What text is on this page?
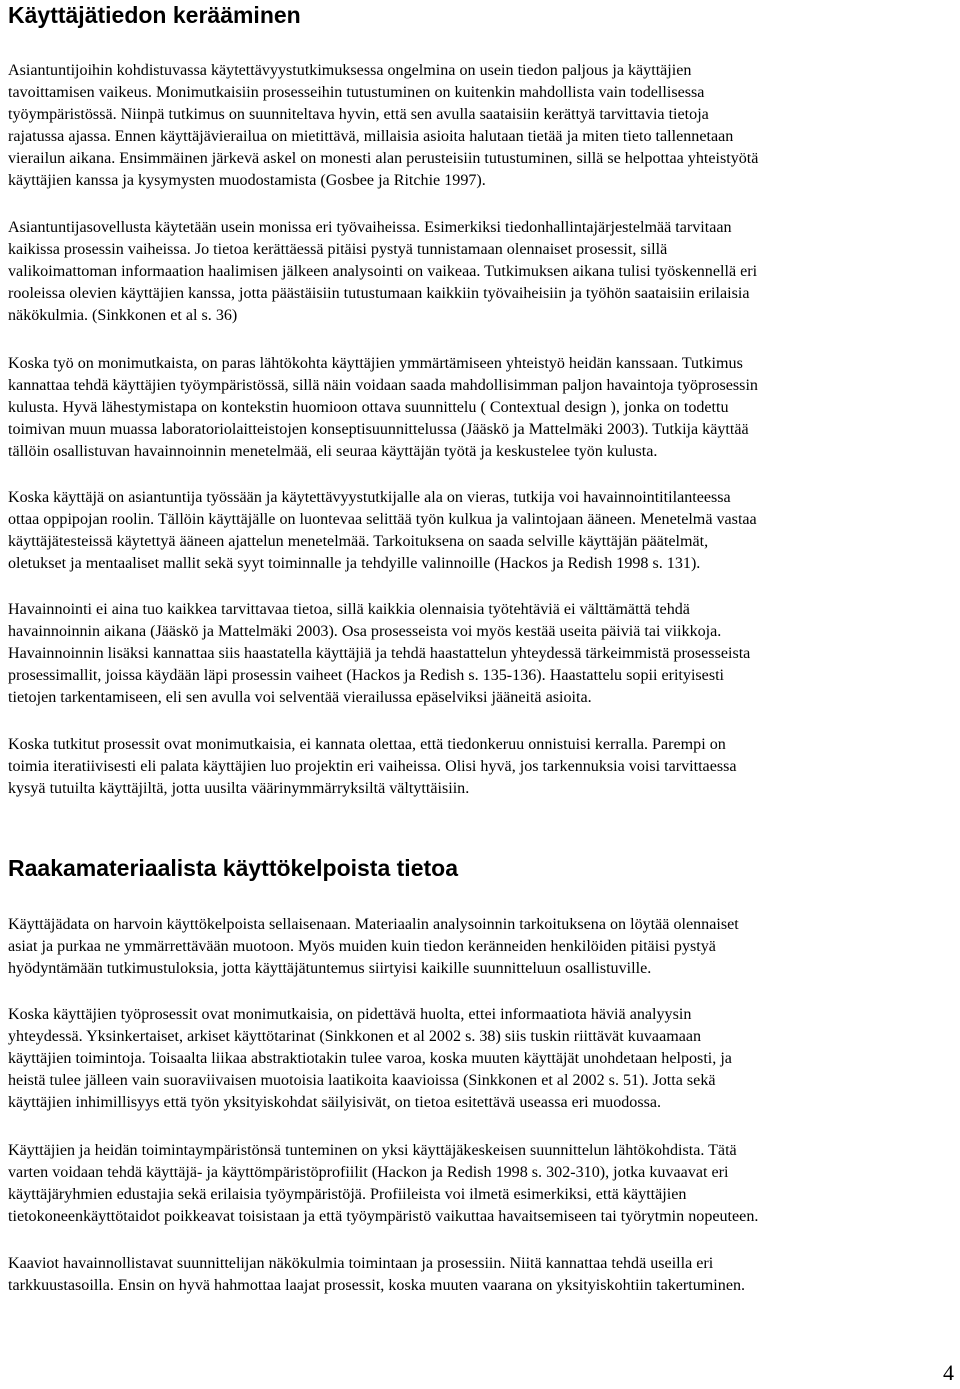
Käyttäjätiedon kerääminen
Asiantuntijoihin kohdistuvassa käytettävyystutkimuksessa ongelmina on usein tiedon paljous ja käyttäjien
tavoittamisen vaikeus. Monimutkaisiin prosesseihin tutustuminen on kuitenkin mahdollista vain todellisessa
työympäristössä. Niinpä tutkimus on suunniteltava hyvin, että sen avulla saataisiin kerättyä tarvittavia tietoja
rajatussa ajassa. Ennen käyttäjävierailua on mietittävä, millaisia asioita halutaan tietää ja miten tieto tallennetaan
vierailun aikana. Ensimmäinen järkevä askel on monesti alan perusteisiin tutustuminen, sillä se helpottaa yhteistyötä
käyttäjien kanssa ja kysymysten muodostamista (Gosbee ja Ritchie 1997).
Asiantuntijasovellusta käytetään usein monissa eri työvaiheissa. Esimerkiksi tiedonhallintajärjestelmää tarvitaan
kaikissa prosessin vaiheissa. Jo tietoa kerättäessä pitäisi pystyä tunnistamaan olennaiset prosessit, sillä
valikoimattoman informaation haalimisen jälkeen analysointi on vaikeaa. Tutkimuksen aikana tulisi työskennellä eri
rooleissa olevien käyttäjien kanssa, jotta päästäisiin tutustumaan kaikkiin työvaiheisiin ja työhön saataisiin erilaisia
näkökulmia. (Sinkkonen et al s. 36)
Koska työ on monimutkaista, on paras lähtökohta käyttäjien ymmärtämiseen yhteistyö heidän kanssaan. Tutkimus
kannattaa tehdä käyttäjien työympäristössä, sillä näin voidaan saada mahdollisimman paljon havaintoja työprosessin
kulusta. Hyvä lähestymistapa on kontekstin huomioon ottava suunnittelu ( Contextual design ), jonka on todettu
toimivan muun muassa laboratoriolaitteistojen konseptisuunnittelussa (Jääskö ja Mattelmäki 2003). Tutkija käyttää
tällöin osallistuvan havainnoinnin menetelmää, eli seuraa käyttäjän työtä ja keskustelee työn kulusta.
Koska käyttäjä on asiantuntija työssään ja käytettävyystutkijalle ala on vieras, tutkija voi havainnointitilanteessa
ottaa oppipojan roolin. Tällöin käyttäjälle on luontevaa selittää työn kulkua ja valintojaan ääneen. Menetelmä vastaa
käyttäjätesteissä käytettyä ääneen ajattelun menetelmää. Tarkoituksena on saada selville käyttäjän päätelmät,
oletukset ja mentaaliset mallit sekä syyt toiminnalle ja tehdyille valinnoille (Hackos ja Redish 1998 s. 131).
Havainnointi ei aina tuo kaikkea tarvittavaa tietoa, sillä kaikkia olennaisia työtehtäviä ei välttämättä tehdä
havainnoinnin aikana (Jääskö ja Mattelmäki 2003). Osa prosesseista voi myös kestää useita päiviä tai viikkoja.
Havainnoinnin lisäksi kannattaa siis haastatella käyttäjiä ja tehdä haastattelun yhteydessä tärkeimmistä prosesseista
prosessimallit, joissa käydään läpi prosessin vaiheet (Hackos ja Redish s. 135-136). Haastattelu sopii erityisesti
tietojen tarkentamiseen, eli sen avulla voi selventää vierailussa epäselviksi jääneitä asioita.
Koska tutkitut prosessit ovat monimutkaisia, ei kannata olettaa, että tiedonkeruu onnistuisi kerralla. Parempi on
toimia iteratiivisesti eli palata käyttäjien luo projektin eri vaiheissa. Olisi hyvä, jos tarkennuksia voisi tarvittaessa
kysyä tutuilta käyttäjiltä, jotta uusilta väärinymmärryksiltä vältyttäisiin.
Raakamateriaalista käyttökelpoista tietoa
Käyttäjädata on harvoin käyttökelpoista sellaisenaan. Materiaalin analysoinnin tarkoituksena on löytää olennaiset
asiat ja purkaa ne ymmärrettävään muotoon. Myös muiden kuin tiedon keränneiden henkilöiden pitäisi pystyä
hyödyntämään tutkimustuloksia, jotta käyttäjätuntemus siirtyisi kaikille suunnitteluun osallistuville.
Koska käyttäjien työprosessit ovat monimutkaisia, on pidettävä huolta, ettei informaatiota häviä analyysin
yhteydessä. Yksinkertaiset, arkiset käyttötarinat (Sinkkonen et al 2002 s. 38) siis tuskin riittävät kuvaamaan
käyttäjien toimintoja. Toisaalta liikaa abstraktiotakin tulee varoa, koska muuten käyttäjät unohdetaan helposti, ja
heistä tulee jälleen vain suoraviivaisen muotoisia laatikoita kaavioissa (Sinkkonen et al 2002 s. 51). Jotta sekä
käyttäjien inhimillisyys että työn yksityiskohdat säilyisivät, on tietoa esitettävä useassa eri muodossa.
Käyttäjien ja heidän toimintaympäristönsä tunteminen on yksi käyttäjäkeskeisen suunnittelun lähtökohdista. Tätä
varten voidaan tehdä käyttäjä- ja käyttömpäristöprofiilit (Hackon ja Redish 1998 s. 302-310), jotka kuvaavat eri
käyttäjäryhmien edustajia sekä erilaisia työympäristöjä. Profiileista voi ilmetä esimerkiksi, että käyttäjien
tietokoneenkäyttötaidot poikkeavat toisistaan ja että työympäristö vaikuttaa havaitsemiseen tai työrytmin nopeuteen.
Kaaviot havainnollistavat suunnittelijan näkökulmia toimintaan ja prosessiin. Niitä kannattaa tehdä useilla eri
tarkkuustasoilla. Ensin on hyvä hahmottaa laajat prosessit, koska muuten vaarana on yksityiskohtiin takertuminen.
4
